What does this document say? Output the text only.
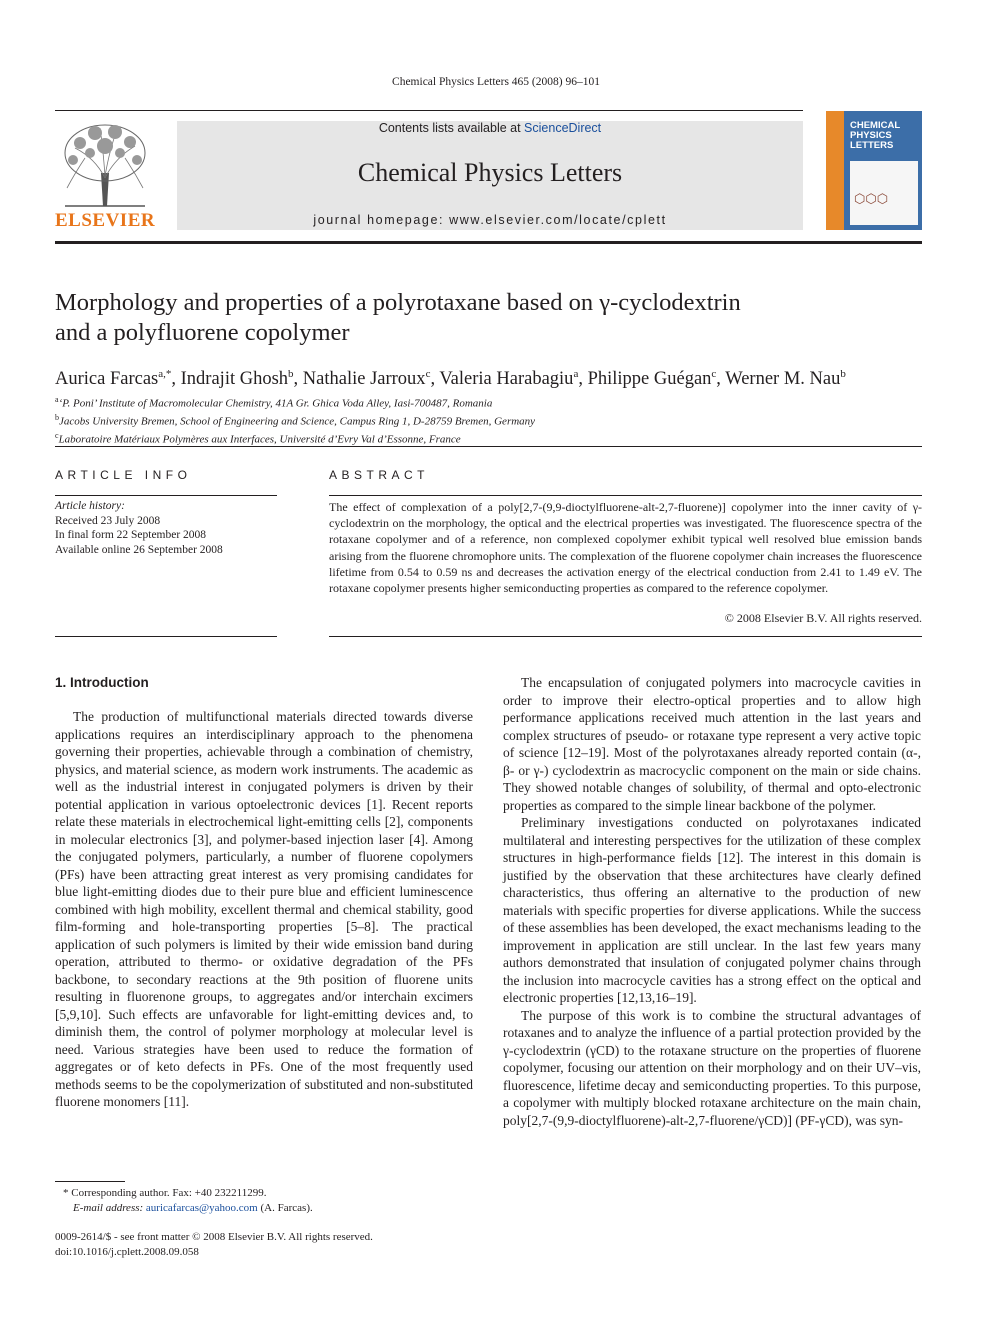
Chemical Physics Letters 465 (2008) 96–101
ELSEVIER
Contents lists available at ScienceDirect
Chemical Physics Letters
journal homepage: www.elsevier.com/locate/cplett
CHEMICAL
PHYSICS
LETTERS
⬡⬡⬡
Morphology and properties of a polyrotaxane based on γ-cyclodextrin
and a polyfluorene copolymer
Aurica Farcas$^{a,*}$, Indrajit Ghosh$^b$, Nathalie Jarroux$^c$, Valeria Harabagiu$^a$, Philippe Guégan$^c$, Werner M. Nau$^b$
$^a$‘P. Poni’ Institute of Macromolecular Chemistry, 41A Gr. Ghica Voda Alley, Iasi-700487, Romania
$^b$Jacobs University Bremen, School of Engineering and Science, Campus Ring 1, D-28759 Bremen, Germany
$^c$Laboratoire Matériaux Polymères aux Interfaces, Université d’Evry Val d’Essonne, France
ARTICLE INFO	ABSTRACT
Article history:
Received 23 July 2008
In final form 22 September 2008
Available online 26 September 2008
The effect of complexation of a poly[2,7-(9,9-dioctylfluorene-alt-2,7-fluorene)] copolymer into the inner cavity of γ-cyclodextrin on the morphology, the optical and the electrical properties was investigated. The fluorescence spectra of the rotaxane copolymer and of a reference, non complexed copolymer exhibit typical well resolved blue emission bands arising from the fluorene chromophore units. The complexation of the fluorene copolymer chain increases the fluorescence lifetime from 0.54 to 0.59 ns and decreases the activation energy of the electrical conduction from 2.41 to 1.49 eV. The rotaxane copolymer presents higher semiconducting properties as compared to the reference copolymer.
© 2008 Elsevier B.V. All rights reserved.
1. Introduction

The production of multifunctional materials directed towards diverse applications requires an interdisciplinary approach to the phenomena governing their properties, achievable through a combination of chemistry, physics, and material science, as modern work instruments. The academic as well as the industrial interest in conjugated polymers is driven by their potential application in various optoelectronic devices [1]. Recent reports relate these materials in electrochemical light-emitting cells [2], components in molecular electronics [3], and polymer-based injection laser [4]. Among the conjugated polymers, particularly, a number of fluorene copolymers (PFs) have been attracting great interest as very promising candidates for blue light-emitting diodes due to their pure blue and efficient luminescence combined with high mobility, excellent thermal and chemical stability, good film-forming and hole-transporting properties [5–8]. The practical application of such polymers is limited by their wide emission band during operation, attributed to thermo- or oxidative degradation of the PFs backbone, to secondary reactions at the 9th position of fluorene units resulting in fluorenone groups, to aggregates and/or interchain excimers [5,9,10]. Such effects are unfavorable for light-emitting devices and, to diminish them, the control of polymer morphology at molecular level is need. Various strategies have been used to reduce the formation of aggregates or of keto defects in PFs. One of the most frequently used methods seems to be the copolymerization of substituted and non-substituted fluorene monomers [11].

The encapsulation of conjugated polymers into macrocycle cavities in order to improve their electro-optical properties and to allow high performance applications received much attention in the last years and complex structures of pseudo- or rotaxane type represent a very active topic of science [12–19]. Most of the polyrotaxanes already reported contain (α-, β- or γ-) cyclodextrin as macrocyclic component on the main or side chains. They showed notable changes of solubility, of thermal and opto-electronic properties as compared to the simple linear backbone of the polymer.

Preliminary investigations conducted on polyrotaxanes indicated multilateral and interesting perspectives for the utilization of these complex structures in high-performance fields [12]. The interest in this domain is justified by the observation that these architectures have clearly defined characteristics, thus offering an alternative to the production of new materials with specific properties for diverse applications. While the success of these assemblies has been developed, the exact mechanisms leading to the improvement in application are still unclear. In the last few years many authors demonstrated that insulation of conjugated polymer chains through the inclusion into macrocycle cavities has a strong effect on the optical and electronic properties [12,13,16–19].

The purpose of this work is to combine the structural advantages of rotaxanes and to analyze the influence of a partial protection provided by the γ-cyclodextrin (γCD) to the rotaxane structure on the properties of fluorene copolymer, focusing our attention on their morphology and on their UV–vis, fluorescence, lifetime decay and semiconducting properties. To this purpose, a copolymer with multiply blocked rotaxane architecture on the main chain, poly[2,7-(9,9-dioctylfluorene)-alt-2,7-fluorene/γCD)] (PF-γCD), was syn-

* Corresponding author. Fax: +40 232211299.
E-mail address: auricafarcas@yahoo.com (A. Farcas).
0009-2614/$ - see front matter © 2008 Elsevier B.V. All rights reserved.
doi:10.1016/j.cplett.2008.09.058
